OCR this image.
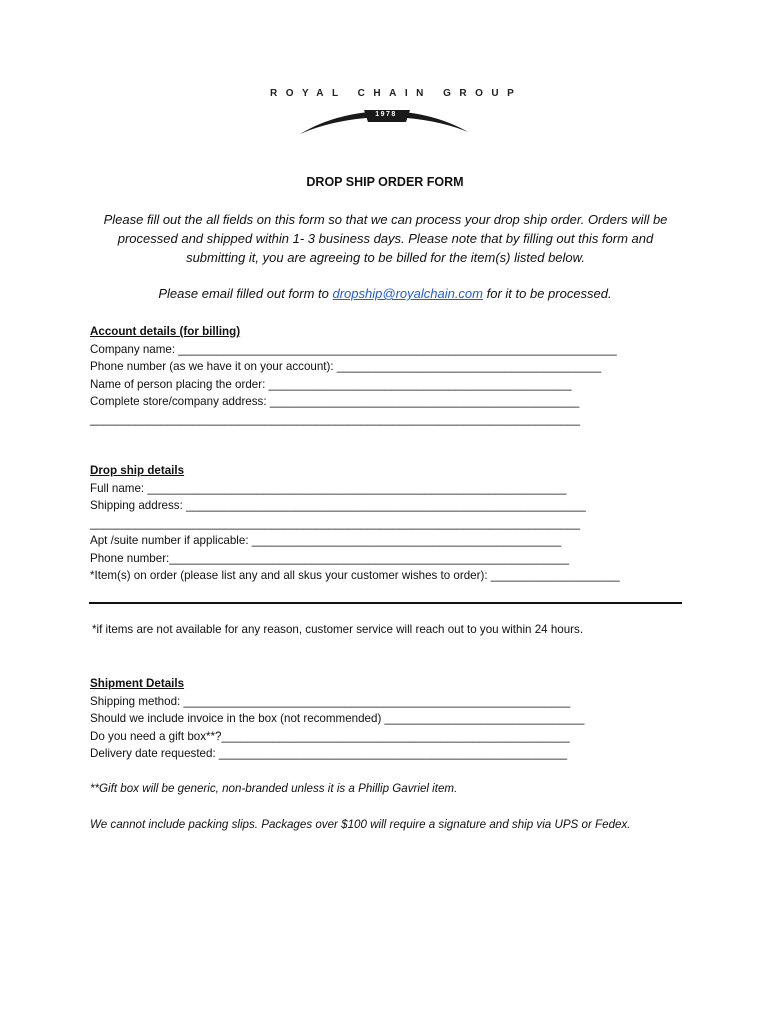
ROYAL CHAIN GROUP
1978
DROP SHIP ORDER FORM
Please fill out the all fields on this form so that we can process your drop ship order. Orders will be processed and shipped within 1- 3 business days. Please note that by filling out this form and submitting it, you are agreeing to be billed for the item(s) listed below.
Please email filled out form to dropship@royalchain.com for it to be processed.
Account details (for billing)
Company name: ____________________________________________________________________
Phone number (as we have it on your account): _________________________________________
Name of person placing the order: _______________________________________________
Complete store/company address: ________________________________________________
____________________________________________________________________________
Drop ship details
Full name: _________________________________________________________________
Shipping address: ______________________________________________________________
____________________________________________________________________________
Apt /suite number if applicable: ________________________________________________
Phone number:______________________________________________________________
*Item(s) on order (please list any and all skus your customer wishes to order): ____________________
*if items are not available for any reason, customer service will reach out to you within 24 hours.
Shipment Details
Shipping method: ____________________________________________________________
Should we include invoice in the box (not recommended) _______________________________
Do you need a gift box**?______________________________________________________
Delivery date requested: ______________________________________________________
**Gift box will be generic, non-branded unless it is a Phillip Gavriel item.
We cannot include packing slips. Packages over $100 will require a signature and ship via UPS or Fedex.
